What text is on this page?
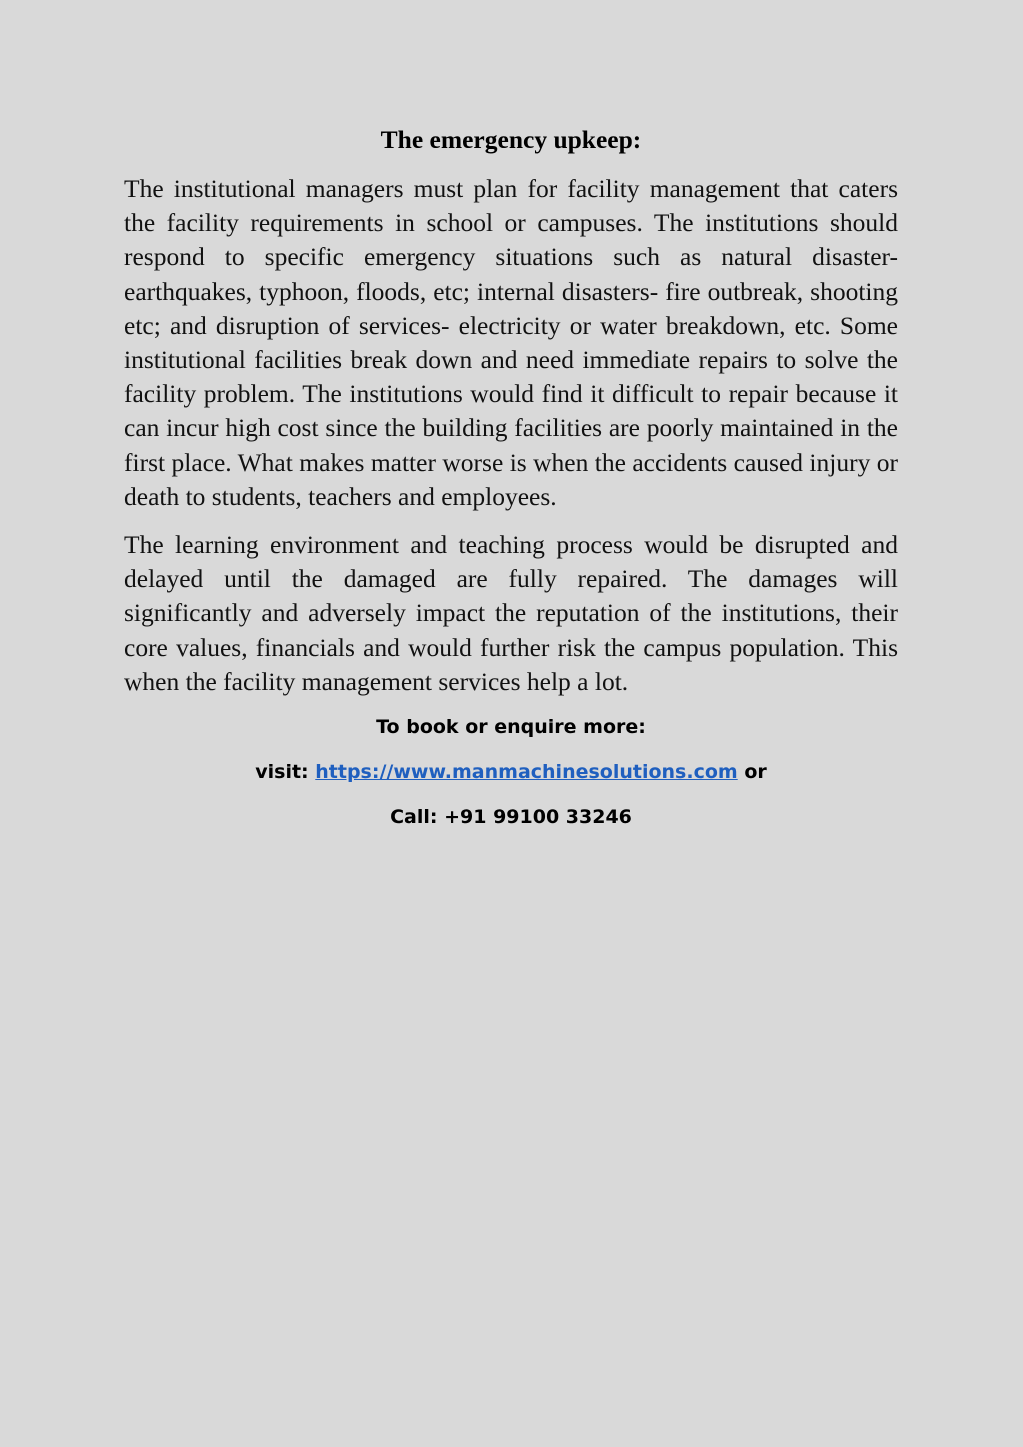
The emergency upkeep:

The institutional managers must plan for facility management that caters the facility requirements in school or campuses. The institutions should respond to specific emergency situations such as natural disaster- earthquakes, typhoon, floods, etc; internal disasters- fire outbreak, shooting etc; and disruption of services- electricity or water breakdown, etc. Some institutional facilities break down and need immediate repairs to solve the facility problem. The institutions would find it difficult to repair because it can incur high cost since the building facilities are poorly maintained in the first place. What makes matter worse is when the accidents caused injury or death to students, teachers and employees.

The learning environment and teaching process would be disrupted and delayed until the damaged are fully repaired. The damages will significantly and adversely impact the reputation of the institutions, their core values, financials and would further risk the campus population. This when the facility management services help a lot.

To book or enquire more:

visit: https://www.manmachinesolutions.com or

Call: +91 99100 33246
